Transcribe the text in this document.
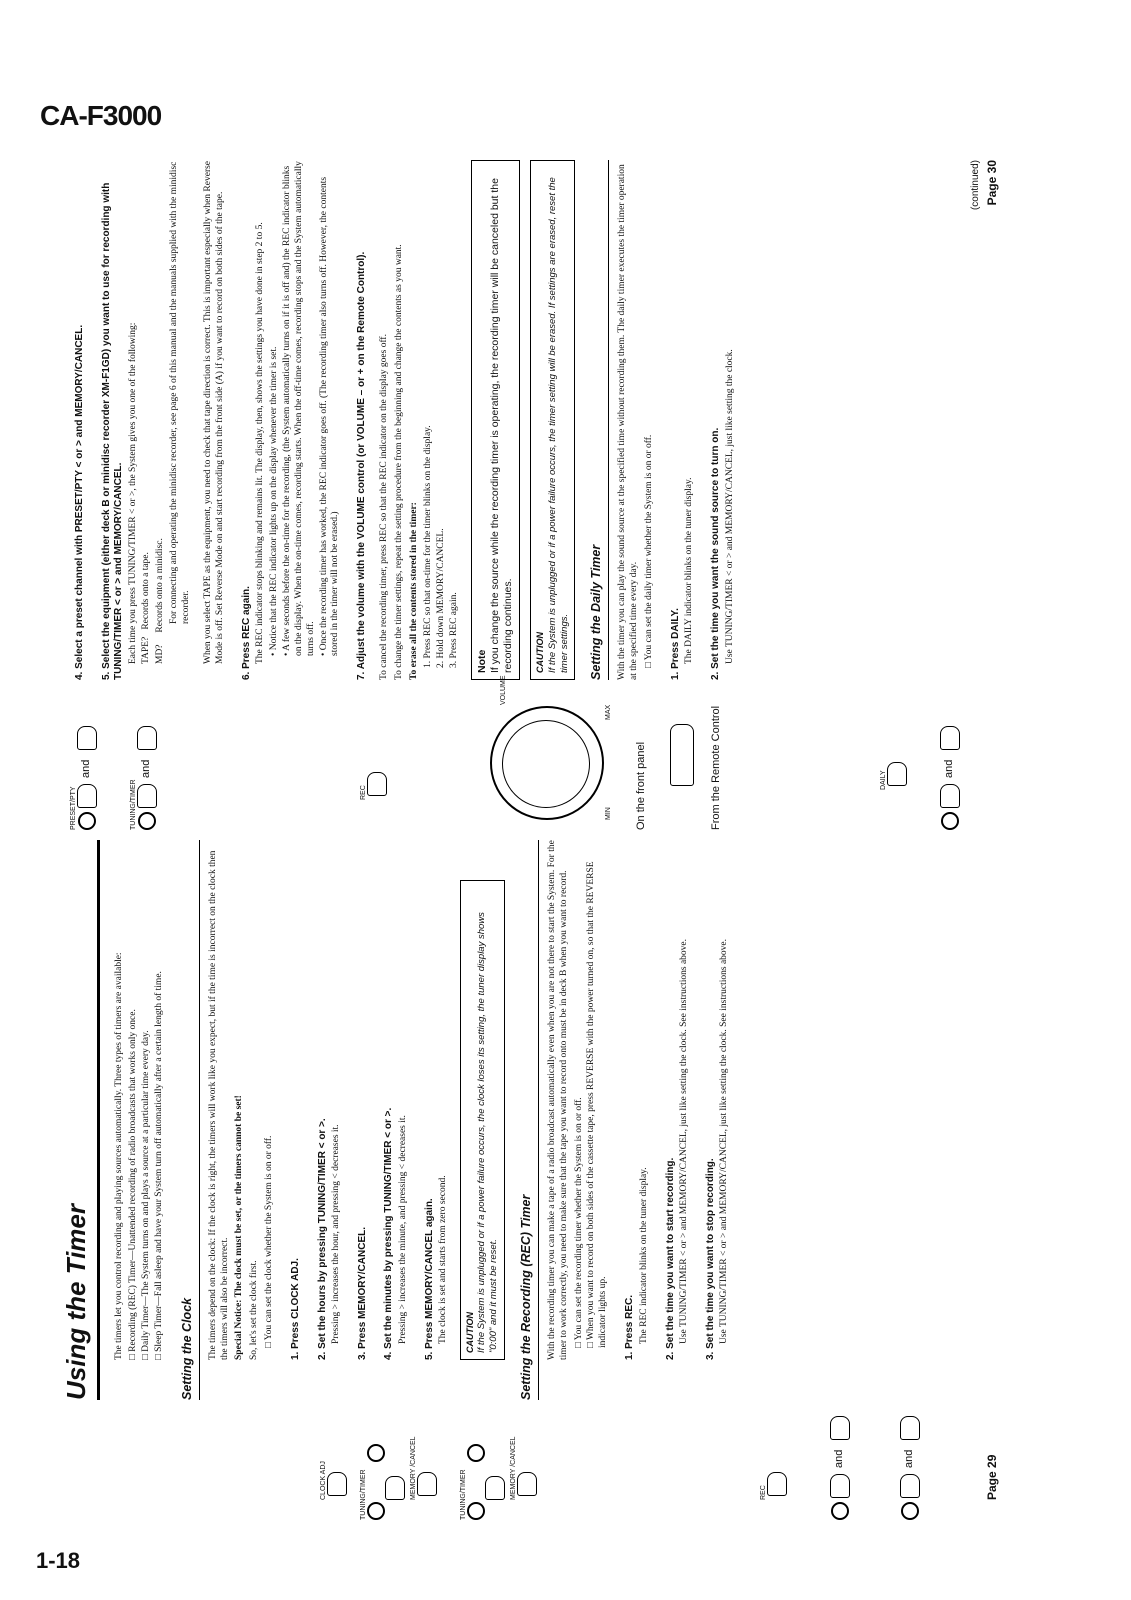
CA-F3000
1-18
CLOCK ADJ	TUNING/TIMER	MEMORY /CANCEL	TUNING/TIMER	MEMORY /CANCEL	REC
and	and
Using the Timer	The timers let you control recording and playing sources automatically. Three types of timers are available: □ Recording (REC) Timer—Unattended recording of radio broadcasts that works only once.
□ Daily Timer—The System turns on and plays a source at a particular time every day.
□ Sleep Timer—Fall asleep and have your System turn off automatically after a certain length of time.	Setting the Clock	The timers depend on the clock: If the clock is right, the timers will work like you expect, but if the time is incorrect on the clock then the timers will also be incorrect. Special Notice: The clock must be set, or the timers cannot be set! So, let's set the clock first. □ You can set the clock whether the System is on or off.
1. Press CLOCK ADJ.
2. Set the hours by pressing TUNING/TIMER < or >. Pressing > increases the hour, and pressing < decreases it.
3. Press MEMORY/CANCEL.
4. Set the minutes by pressing TUNING/TIMER < or >. Pressing > increases the minute, and pressing < decreases it.
5. Press MEMORY/CANCEL again. The clock is set and starts from zero second. CAUTION If the System is unplugged or if a power failure occurs, the clock loses its setting, the tuner display shows "0:00" and it must be reset.	Setting the Recording (REC) Timer	With the recording timer you can make a tape of a radio broadcast automatically even when you are not there to start the System. For the timer to work correctly, you need to make sure that the tape you want to record onto must be in deck B when you want to record. □ You can set the recording timer whether the System is on or off.
□ When you want to record on both sides of the cassette tape, press REVERSE with the power turned on, so that the REVERSE indicator lights up.
1. Press REC. The REC indicator blinks on the tuner display.
2. Set the time you want to start recording. Use TUNING/TIMER < or > and MEMORY/CANCEL, just like setting the clock. See instructions above.
3. Set the time you want to stop recording. Use TUNING/TIMER < or > and MEMORY/CANCEL, just like setting the clock. See instructions above.
Page 29
PRESET/PTY
and
TUNING/TIMER
and
REC
VOLUME
MIN
MAX
On the front panel	From the Remote Control	DAILY
and
4. Select a preset channel with PRESET/PTY < or > and MEMORY/CANCEL.
5. Select the equipment (either deck B or minidisc recorder XM-F1GD) you want to use for recording with TUNING/TIMER < or > and MEMORY/CANCEL. Each time you press TUNING/TIMER < or >, the System gives you one of the following: TAPE?   Records onto a tape.
MD?     Records onto a minidisc. For connecting and operating the minidisc recorder, see page 6 of this manual and the manuals supplied with the minidisc recorder. When you select TAPE as the equipment, you need to check that tape direction is correct. This is important especially when Reverse Mode is off. Set Reverse Mode on and start recording from the front side (A) if you want to record on both sides of the tape.
6. Press REC again. The REC indicator stops blinking and remains lit. The display, then, shows the settings you have done in step 2 to 5. • Notice that the REC indicator lights up on the display whenever the timer is set.
• A few seconds before the on-time for the recording, (the System automatically turns on if it is off and) the REC indicator blinks on the display. When the on-time comes, recording starts. When the off-time comes, recording stops and the System automatically turns off. • Once the recording timer has worked, the REC indicator goes off. (The recording timer also turns off. However, the contents stored in the timer will not be erased.)
7. Adjust the volume with the VOLUME control (or VOLUME – or + on the Remote Control). To cancel the recording timer, press REC so that the REC indicator on the display goes off. To change the timer settings, repeat the setting procedure from the beginning and change the contents as you want. To erase all the contents stored in the timer: 1. Press REC so that on-time for the timer blinks on the display. 2. Hold down MEMORY/CANCEL. 3. Press REC again.	Note
If you change the source while the recording timer is operating, the recording timer will be canceled but the recording continues.	CAUTION If the System is unplugged or if a power failure occurs, the timer setting will be erased. If settings are erased, reset the timer settings.	Setting the Daily Timer	With the timer you can play the sound source at the specified time without recording them. The daily timer executes the timer operation at the specified time every day. □ You can set the daily timer whether the System is on or off.
1. Press DAILY. The DAILY indicator blinks on the tuner display.
2. Set the time you want the sound source to turn on. Use TUNING/TIMER < or > and MEMORY/CANCEL, just like setting the clock.
(continued) Page 30
